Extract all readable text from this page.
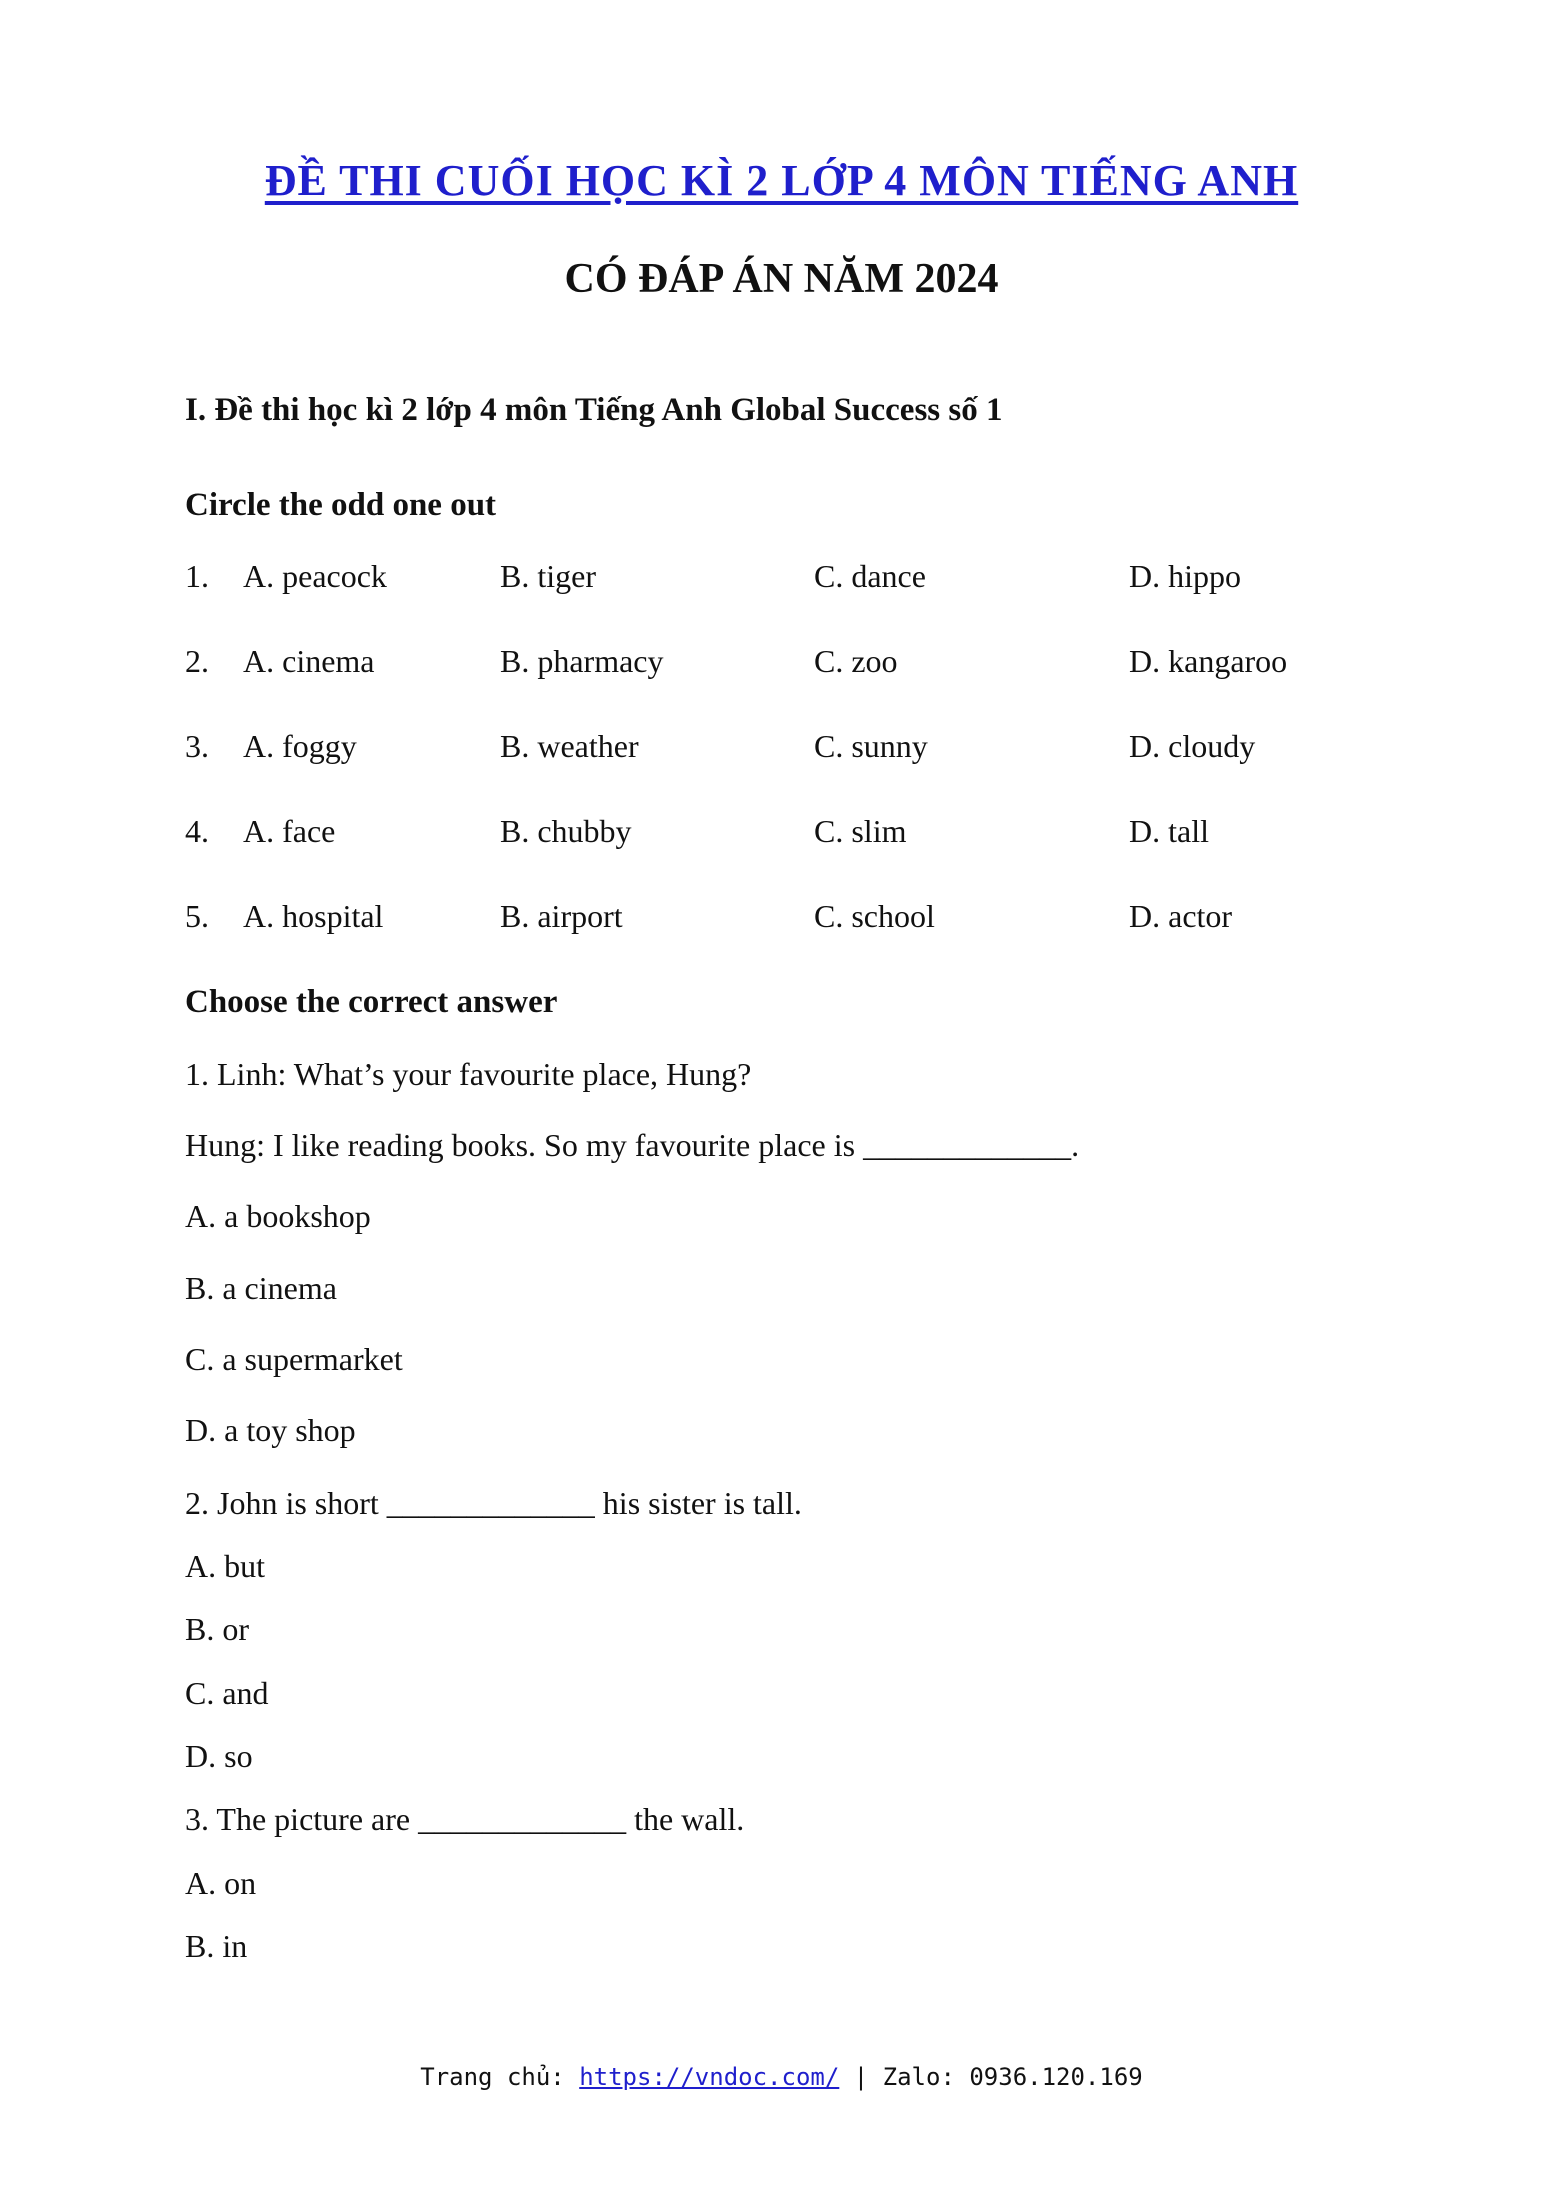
ĐỀ THI CUỐI HỌC KÌ 2 LỚP 4 MÔN TIẾNG ANH
CÓ ĐÁP ÁN NĂM 2024
I. Đề thi học kì 2 lớp 4 môn Tiếng Anh Global Success số 1
Circle the odd one out
1. A. peacock	B. tiger	C. dance	D. hippo
2. A. cinema	B. pharmacy	C. zoo	D. kangaroo
3. A. foggy	B. weather	C. sunny	D. cloudy
4. A. face	B. chubby	C. slim	D. tall
5. A. hospital	B. airport	C. school	D. actor
Choose the correct answer
1. Linh: What’s your favourite place, Hung?
Hung: I like reading books. So my favourite place is _____________.
A. a bookshop
B. a cinema
C. a supermarket
D. a toy shop
2. John is short _____________ his sister is tall.
A. but
B. or
C. and
D. so
3. The picture are _____________ the wall.
A. on
B. in
Trang chủ: https://vndoc.com/ | Zalo: 0936.120.169
